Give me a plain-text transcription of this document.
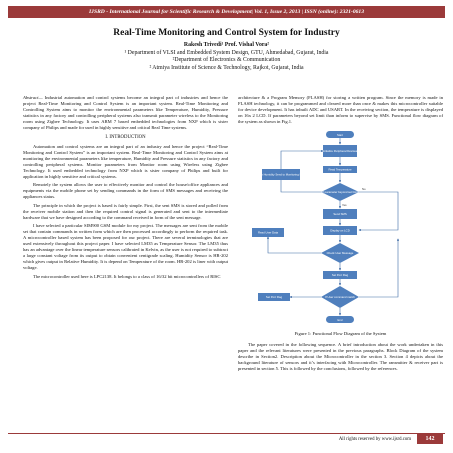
IJSRD - International Journal for Scientific Research & Development| Vol. 1, Issue 2, 2013 | ISSN (online): 2321-0613
Real-Time Monitoring and Control System for Industry
Rakesh Trivedi¹ Prof. Vishal Vora²
¹ Department of VLSI and Embedded System Design, GTU, Ahmedabad, Gujarat, India
²Department of Electronics & Communication
² Atmiya Institute of Science & Technology, Rajkot, Gujarat, India

Abstract— Industrial automation and control systems become an integral part of industries and hence the project Real-Time Monitoring and Control System is an important system. Real-Time Monitoring and Controlling System aims to monitor the environmental parameters like Temperature, Humidity, Pressure statistics in any factory and controlling peripheral systems also transmit parameter wireless to the Monitoring room using Zigbee Technology. It uses ARM 7 based embedded technologies from NXP which is sister company of Philips and made for used in highly sensitive and critical Real Time systems.

I. INTRODUCTION

Automation and control systems are an integral part of an industry and hence the project “Real-Time Monitoring and Control System” is an important system. Real-Time Monitoring and Control System aims at monitoring the environmental parameters like temperature, Humidity and Pressure statistics in any factory and controlling peripheral systems. Monitor parameters from Monitor room using Wireless using Zigbee Technology. It used embedded technology from NXP which is sister company of Philips and built for application in highly sensitive and critical systems.

Remotely the system allows the user to effectively monitor and control the house/office appliances and equipments via the mobile phone set by sending commands in the form of SMS messages and receiving the appliances status.

The principle in which the project is based is fairly simple. First, the sent SMS is stored and polled from the receiver mobile station and then the required control signal is generated and sent to the intermediate hardware that we have designed according to the command received in form of the sent message.

I have selected a particular SIM900 GSM module for my project. The messages are sent from the mobile set that contain commands in written form which are then processed accordingly to perform the required task. A microcontroller based system has been proposed for our project. There are several terminologies that are used extensively throughout this project paper. I have selected LM35 as Temperature Sensor. The LM35 thus has an advantage over the linear temperature sensors calibrated in Kelvin, as the user is not required to subtract a large constant voltage from its output to obtain convenient centigrade scaling. Humidity Sensor is HR-202 which gives output in Relative Humidity. It is depend on Temperature of the room. HR-202 is liner with output voltage.

The microcontroller used here is LPC2138. It belongs to a class of 16/32 bit microcontrollers of RISC

architecture & a Program Memory (FLASH) for storing a written program. Since the memory is made in FLASH technology, it can be programmed and cleared more than once & makes this microcontroller suitable for device development. It has inbuilt ADC and USART. In the receiving section, the temperature is displayed on 16x 2 LCD. If parameters beyond set limit than inform to supervise by SMS. Functional flow diagram of the system as shown in Fig.1.

Start
Initialize Peripheral Devices
Read Temperature
Check Humidity Send to Monitoring Room
If parameter beyond set limit
Send SMS
Display on LCD
Read User Data
Check User Message
Set Port Flag
If User command match
Set Port Flag
End
Yes
No
Figure 1: Functional Flow Diagram of the System

The paper covered in the following sequence. A brief introduction about the work undertaken in this paper and the relevant literatures were presented in the previous paragraphs. Block Diagram of the system describe in Section2. Description about the Microcontroller in the section 3. Section 4 depicts about the background literature of sensors and it’s interfacing with Microcontroller. The ransmitter & receiver part is presented in section 5. This is followed by the conclusions, followed by the references.

All rights reserved by www.ijsrd.com	142
